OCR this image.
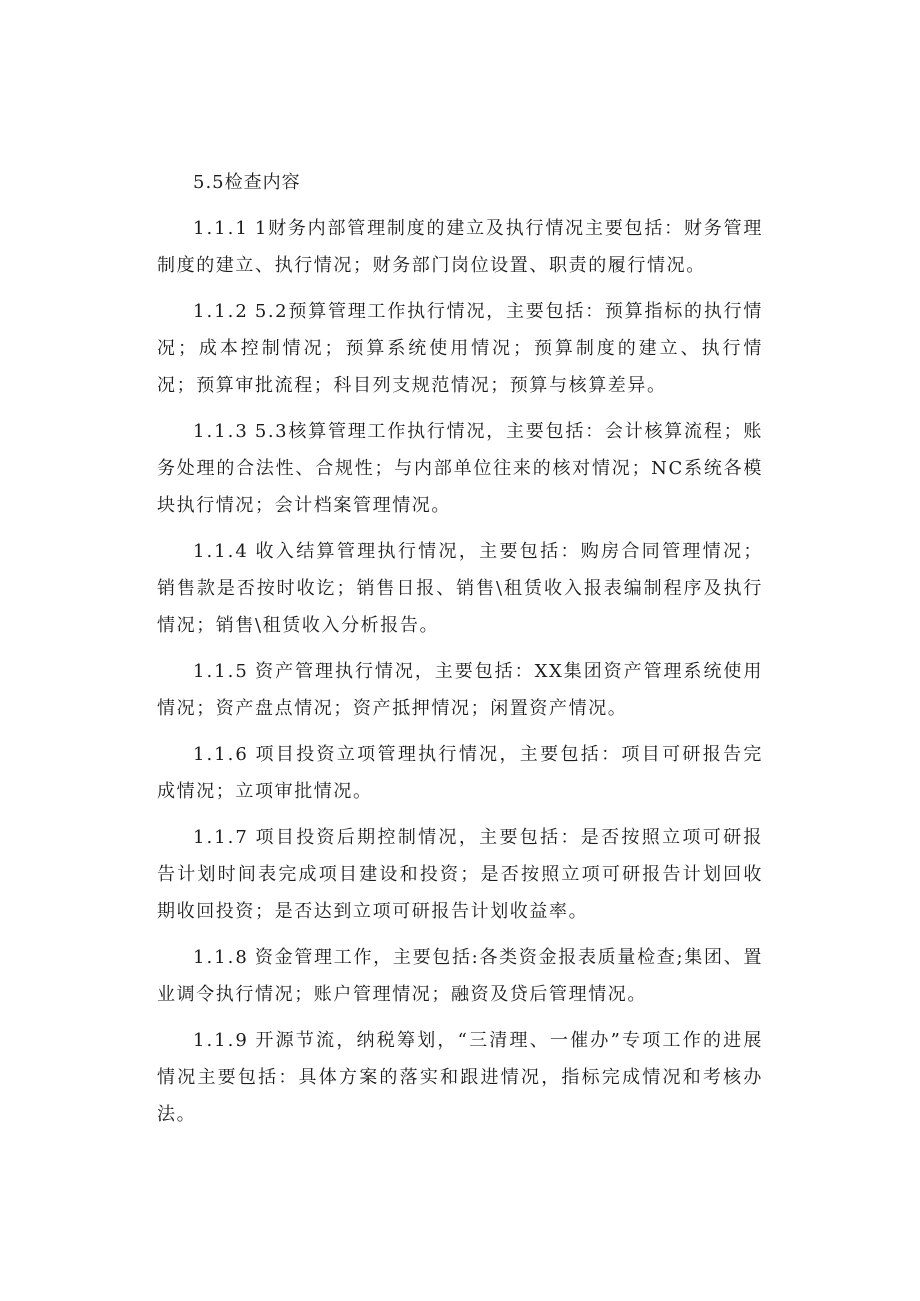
5.5检查内容

1.1.1 1财务内部管理制度的建立及执行情况主要包括：财务管理制度的建立、执行情况；财务部门岗位设置、职责的履行情况。

1.1.2 5.2预算管理工作执行情况，主要包括：预算指标的执行情况；成本控制情况；预算系统使用情况；预算制度的建立、执行情况；预算审批流程；科目列支规范情况；预算与核算差异。

1.1.3 5.3核算管理工作执行情况，主要包括：会计核算流程；账务处理的合法性、合规性；与内部单位往来的核对情况；NC系统各模块执行情况；会计档案管理情况。

1.1.4 收入结算管理执行情况，主要包括：购房合同管理情况；销售款是否按时收讫；销售日报、销售\租赁收入报表编制程序及执行情况；销售\租赁收入分析报告。

1.1.5 资产管理执行情况，主要包括：XX集团资产管理系统使用情况；资产盘点情况；资产抵押情况；闲置资产情况。

1.1.6 项目投资立项管理执行情况，主要包括：项目可研报告完成情况；立项审批情况。

1.1.7 项目投资后期控制情况，主要包括：是否按照立项可研报告计划时间表完成项目建设和投资；是否按照立项可研报告计划回收期收回投资；是否达到立项可研报告计划收益率。

1.1.8 资金管理工作，主要包括:各类资金报表质量检查;集团、置业调令执行情况；账户管理情况；融资及贷后管理情况。

1.1.9 开源节流，纳税筹划，“三清理、一催办”专项工作的进展情况主要包括：具体方案的落实和跟进情况，指标完成情况和考核办法。
